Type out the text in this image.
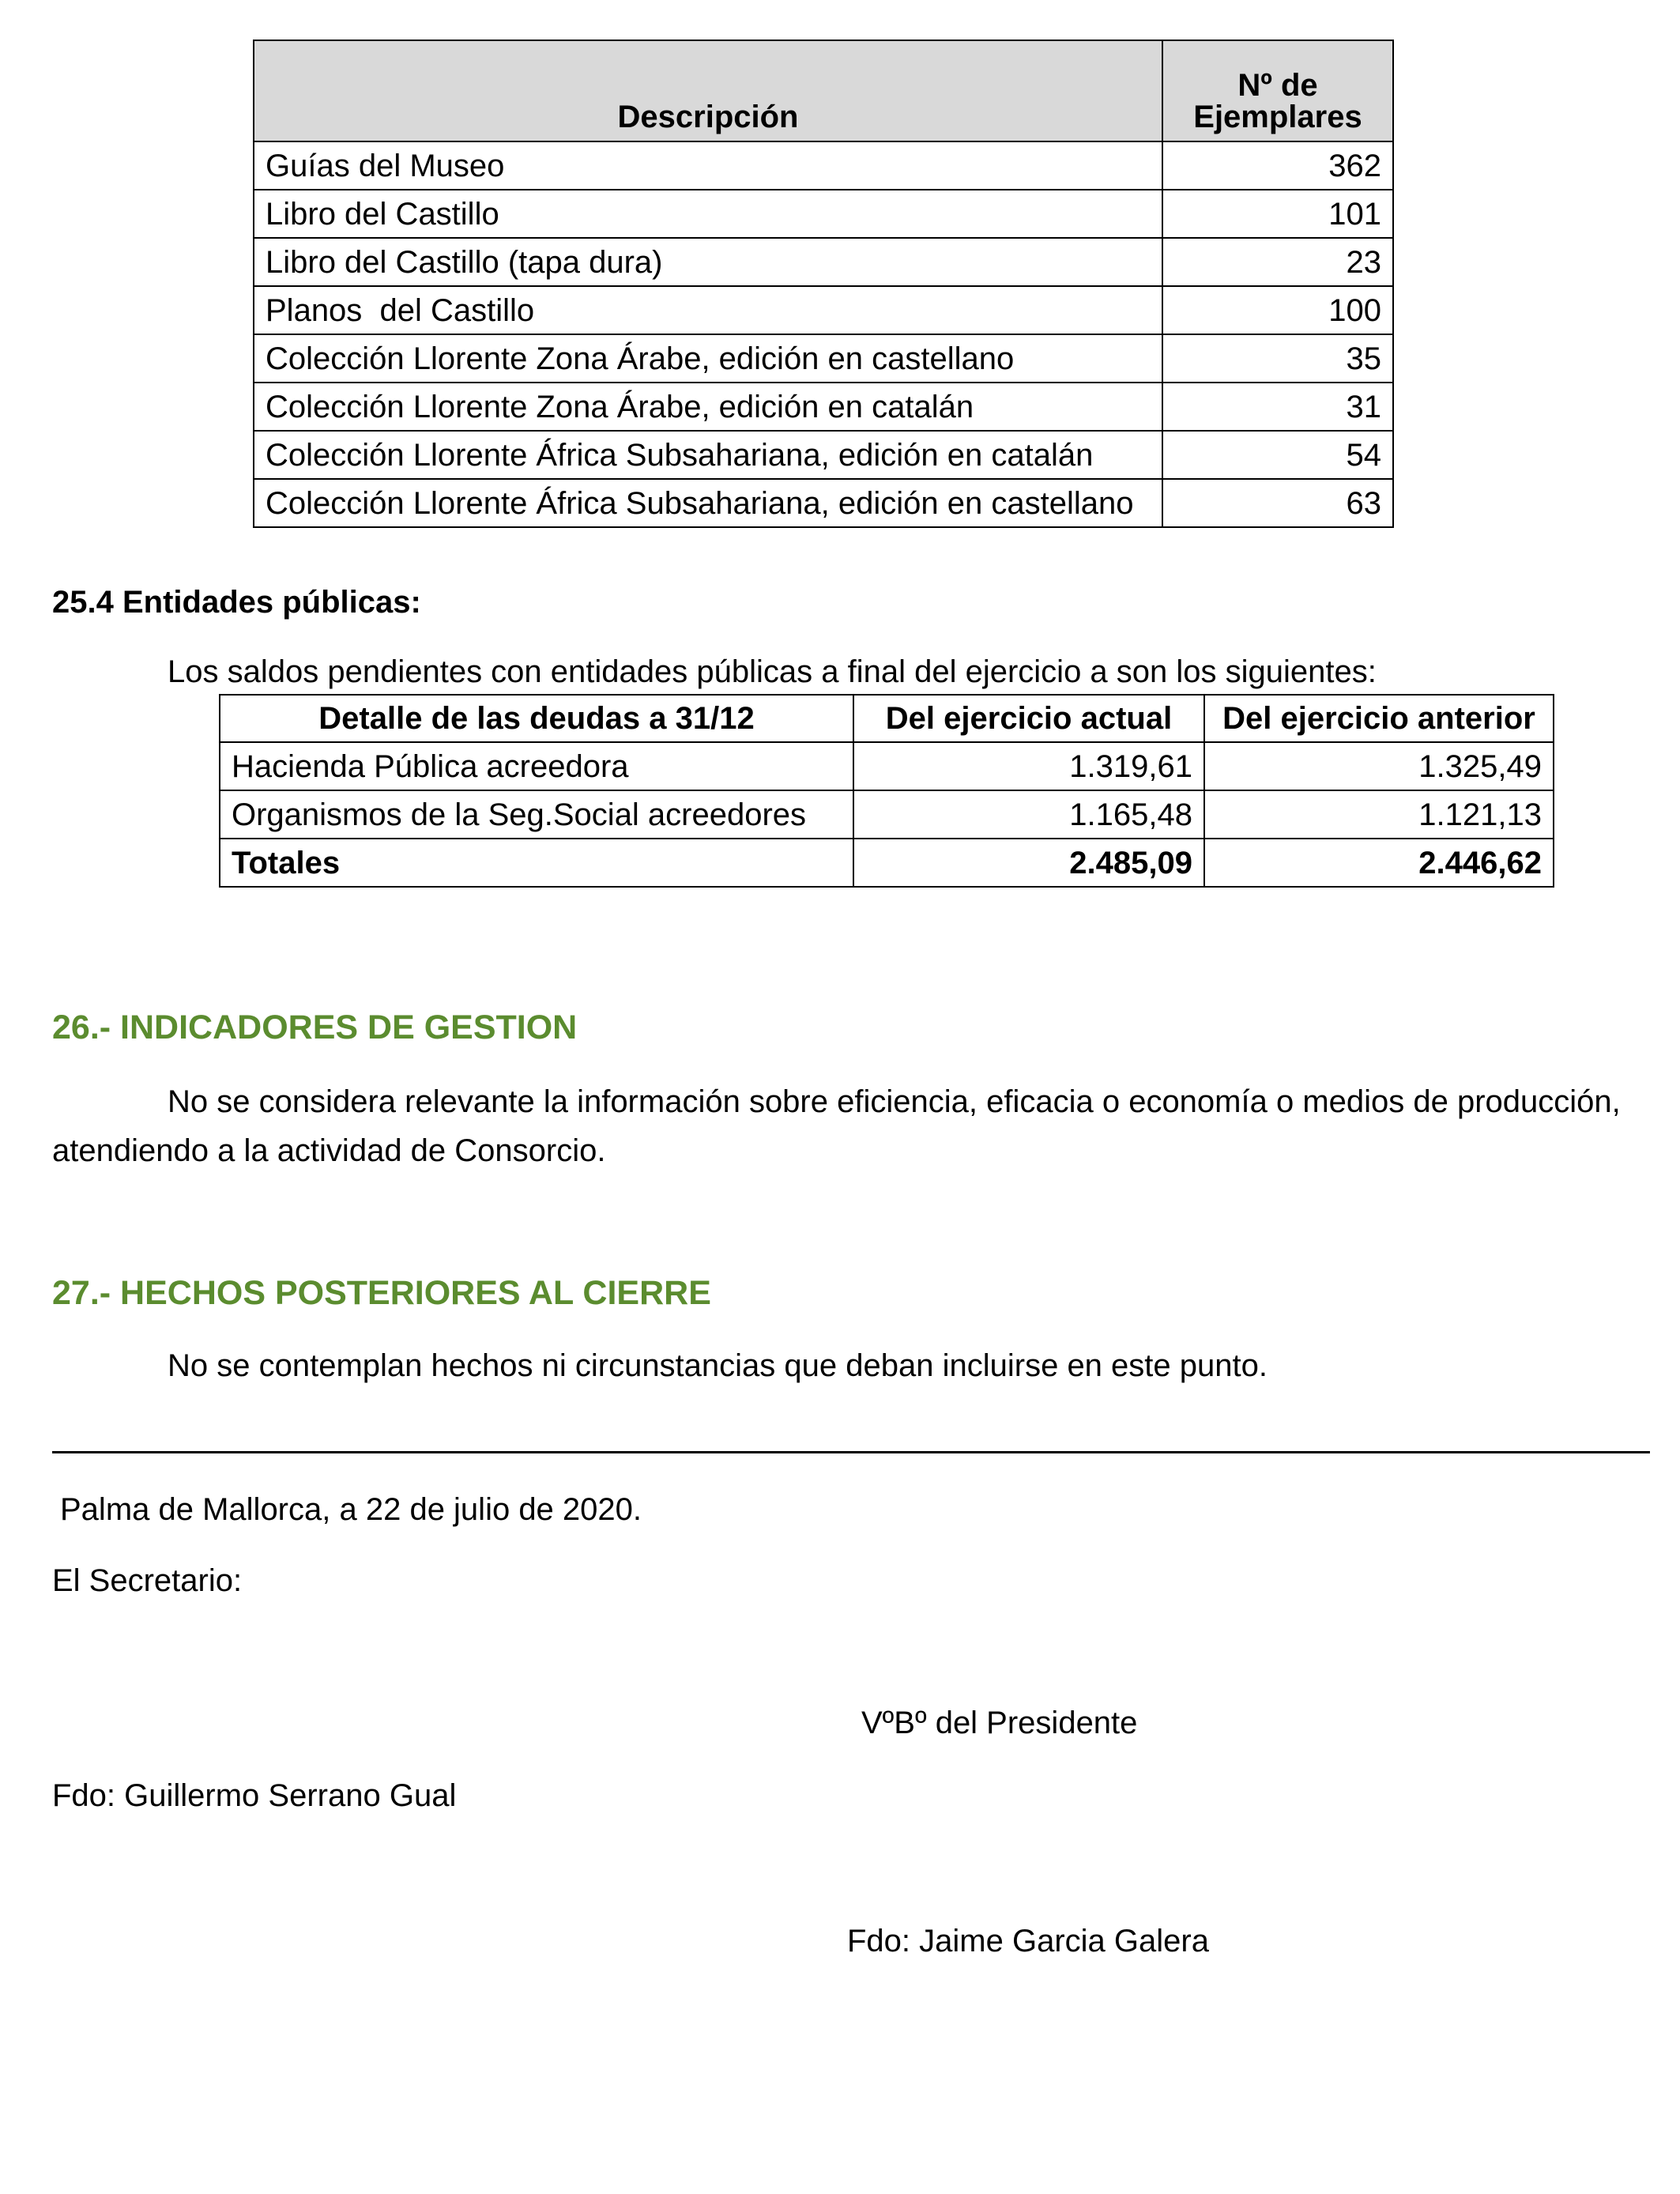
Descripción	Nº de
Ejemplares
Guías del Museo	362
Libro del Castillo	101
Libro del Castillo (tapa dura)	23
Planos  del Castillo	100
Colección Llorente Zona Árabe, edición en castellano	35
Colección Llorente Zona Árabe, edición en catalán	31
Colección Llorente África Subsahariana, edición en catalán	54
Colección Llorente África Subsahariana, edición en castellano	63
25.4 Entidades públicas:
Los saldos pendientes con entidades públicas a final del ejercicio a son los siguientes:
Detalle de las deudas a 31/12	Del ejercicio actual	Del ejercicio anterior
Hacienda Pública acreedora	1.319,61	1.325,49
Organismos de la Seg.Social acreedores	1.165,48	1.121,13
Totales	2.485,09	2.446,62
26.- INDICADORES DE GESTION
No se considera relevante la información sobre eficiencia, eficacia o economía o medios de producción,
atendiendo a la actividad de Consorcio.
27.- HECHOS POSTERIORES AL CIERRE
No se contemplan hechos ni circunstancias que deban incluirse en este punto.
Palma de Mallorca, a 22 de julio de 2020.
El Secretario:
VºBº del Presidente
Fdo: Guillermo Serrano Gual
Fdo: Jaime Garcia Galera
